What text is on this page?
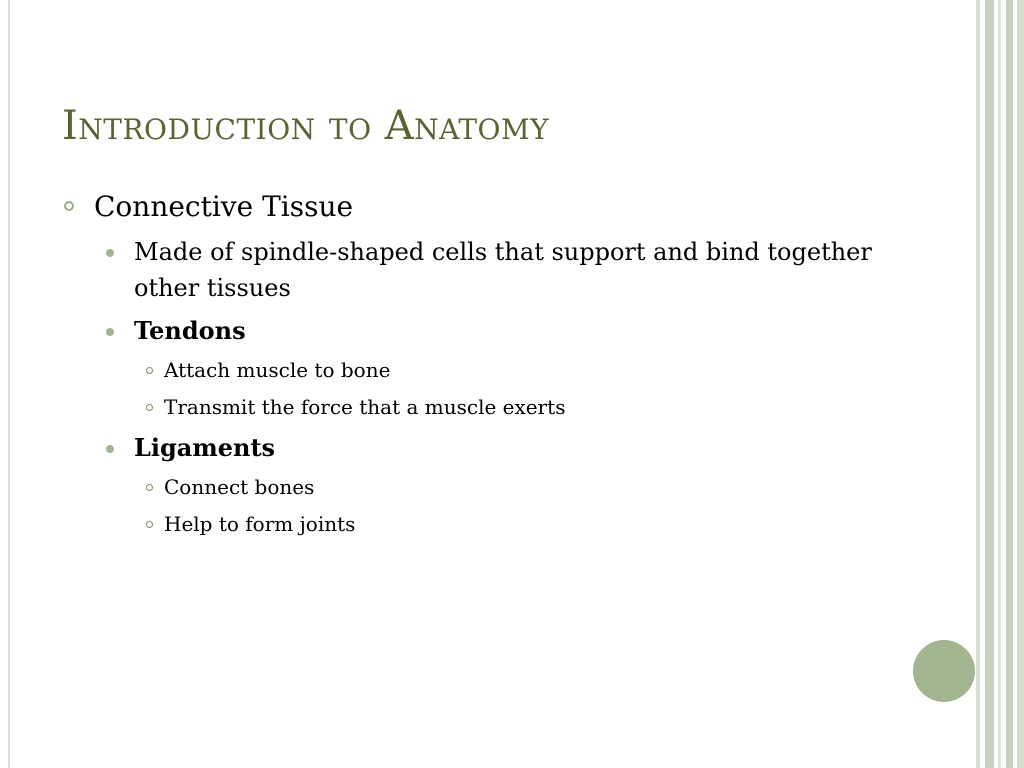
Introduction to Anatomy
Connective Tissue
Made of spindle-shaped cells that support and bind together other tissues
Tendons
Attach muscle to bone
Transmit the force that a muscle exerts
Ligaments
Connect bones
Help to form joints
